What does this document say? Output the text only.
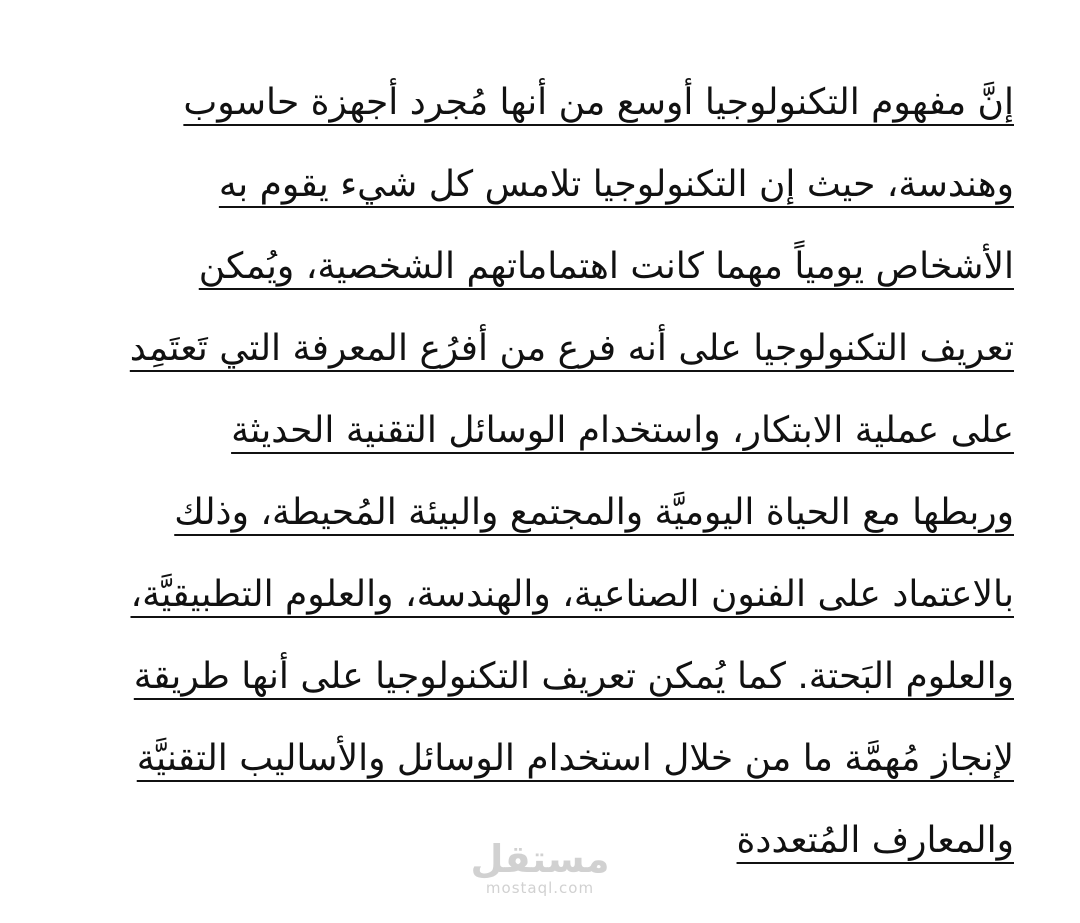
إنَّ مفهوم التكنولوجيا أوسع من أنها مُجرد أجهزة حاسوب
وهندسة، حيث إن التكنولوجيا تلامس كل شيء يقوم به
الأشخاص يومياً مهما كانت اهتماماتهم الشخصية، ويُمكن
تعريف التكنولوجيا على أنه فرع من أفرُع المعرفة التي تَعتَمِد
على عملية الابتكار، واستخدام الوسائل التقنية الحديثة
وربطها مع الحياة اليوميَّة والمجتمع والبيئة المُحيطة، وذلك
بالاعتماد على الفنون الصناعية، والهندسة، والعلوم التطبيقيَّة،
والعلوم البَحتة. كما يُمكن تعريف التكنولوجيا على أنها طريقة
لإنجاز مُهمَّة ما من خلال استخدام الوسائل والأساليب التقنيَّة
والمعارف المُتعددة
مستقل
mostaql.com
